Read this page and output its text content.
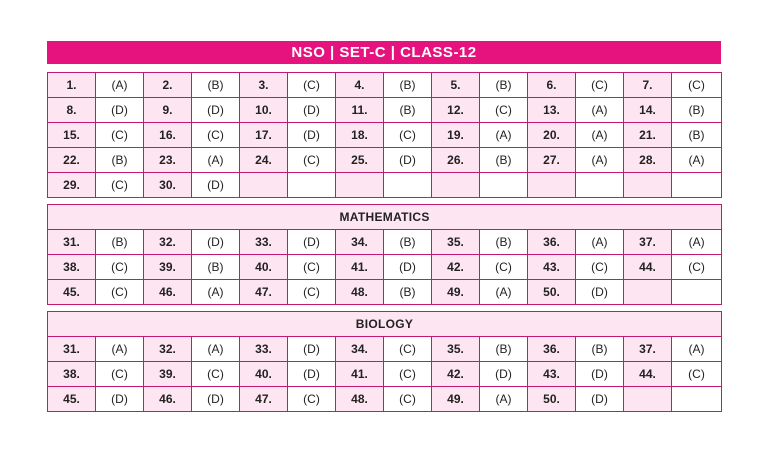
NSO | SET-C | CLASS-12
1.	(A)	2.	(B)	3.	(C)	4.	(B)	5.	(B)	6.	(C)	7.	(C)
8.	(D)	9.	(D)	10.	(D)	11.	(B)	12.	(C)	13.	(A)	14.	(B)
15.	(C)	16.	(C)	17.	(D)	18.	(C)	19.	(A)	20.	(A)	21.	(B)
22.	(B)	23.	(A)	24.	(C)	25.	(D)	26.	(B)	27.	(A)	28.	(A)
29.	(C)	30.	(D)										
MATHEMATICS													
31.	(B)	32.	(D)	33.	(D)	34.	(B)	35.	(B)	36.	(A)	37.	(A)
38.	(C)	39.	(B)	40.	(C)	41.	(D)	42.	(C)	43.	(C)	44.	(C)
45.	(C)	46.	(A)	47.	(C)	48.	(B)	49.	(A)	50.	(D)		
BIOLOGY													
31.	(A)	32.	(A)	33.	(D)	34.	(C)	35.	(B)	36.	(B)	37.	(A)
38.	(C)	39.	(C)	40.	(D)	41.	(C)	42.	(D)	43.	(D)	44.	(C)
45.	(D)	46.	(D)	47.	(C)	48.	(C)	49.	(A)	50.	(D)		
